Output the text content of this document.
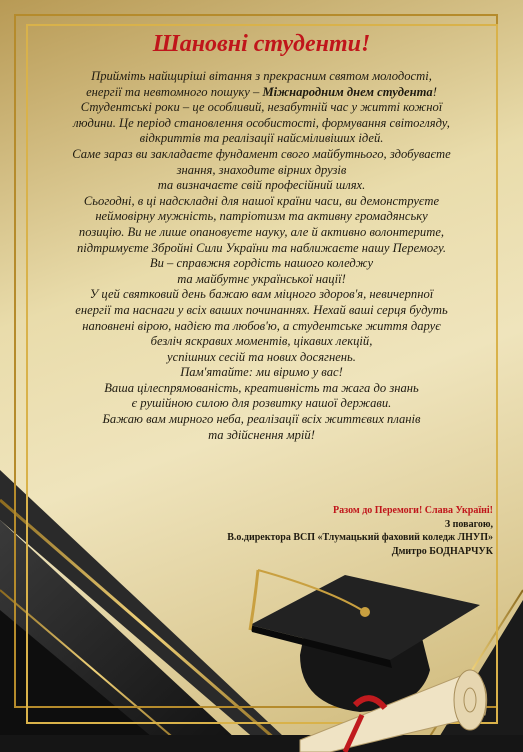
Шановні студенти!
Прийміть найщиріші вітання з прекрасним святом молодості,
енергії та невтомного пошуку – Міжнародним днем студента!
Студентські роки – це особливий, незабутній час у житті кожної
людини. Це період становлення особистості, формування світогляду,
відкриттів та реалізації найсміливіших ідей.
Саме зараз ви закладаєте фундамент свого майбутнього, здобуваєте
знання, знаходите вірних друзів
та визначаєте свій професійний шлях.
Сьогодні, в ці надскладні для нашої країни часи, ви демонструєте
неймовірну мужність, патріотизм та активну громадянську
позицію. Ви не лише опановуєте науку, але й активно волонтерите,
підтримуєте Збройні Сили України та наближаєте нашу Перемогу.
Ви – справжня гордість нашого коледжу
та майбутнє української нації!
У цей святковий день бажаю вам міцного здоров'я, невичерпної
енергії та наснаги у всіх ваших починаннях. Нехай ваші серця будуть
наповнені вірою, надією та любов'ю, а студентське життя дарує
безліч яскравих моментів, цікавих лекцій,
успішних сесій та нових досягнень.
Пам'ятайте: ми віримо у вас!
Ваша цілеспрямованість, креативність та жага до знань
є рушійною силою для розвитку нашої держави.
Бажаю вам мирного неба, реалізації всіх життєвих планів
та здійснення мрій!
Разом до Перемоги! Слава Україні!
З повагою,
В.о.директора ВСП «Тлумацький фаховий коледж ЛНУП»
Дмитро БОДНАРЧУК
